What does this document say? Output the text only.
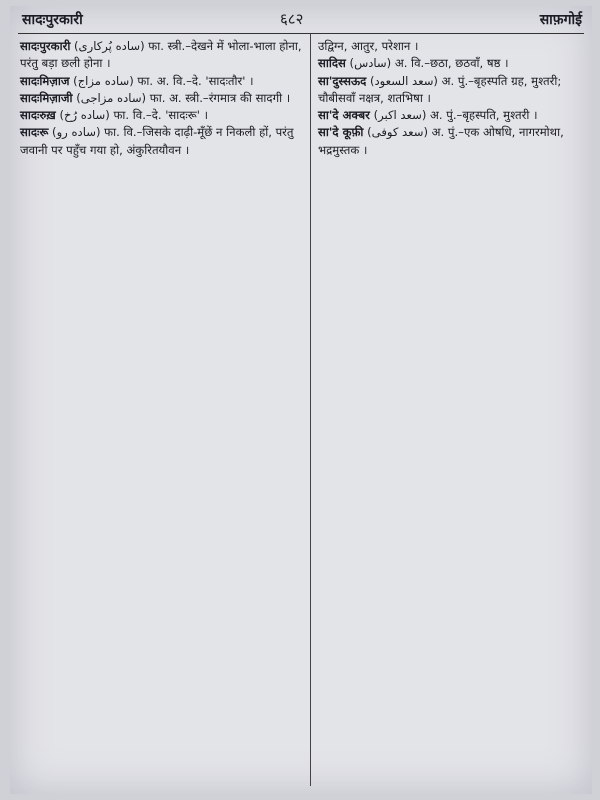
सादःपुरकारी	६८२	साफ़गोई
सादःपुरकारी (ساده پُرکاری) फा. स्त्री.–देखने में भोला-भाला होना, परंतु बड़ा छली होना ।
सादःमिज़ाज (ساده مزاج) फा. अ. वि.–दे. 'सादःतौर' ।
सादःमिज़ाजी (ساده مزاجی) फा. अ. स्त्री.–रंगमात्र की सादगी ।
सादःरुख़ (ساده رُخ) फा. वि.–दे. 'सादःरू' ।
सादःरू (ساده رو) फा. वि.–जिसके दाढ़ी-मूँछें न निकली हों, परंतु जवानी पर पहुँच गया हो, अंकुरितयौवन ।
उद्विग्न, आतुर, परेशान ।
सादिस (سادس) अ. वि.–छठा, छठवाँ, षष्ठ ।
सा'दुस्सऊद (سعد السعود) अ. पुं.–बृहस्पति ग्रह, मुश्तरी; चौबीसवाँ नक्षत्र, शतभिषा ।
सा'दे अक्बर (سعد اکبر) अ. पुं.–बृहस्पति, मुश्तरी ।
सा'दे कूफ़ी (سعد کوفی) अ. पुं.–एक ओषधि, नागरमोथा, भद्रमुस्तक ।
